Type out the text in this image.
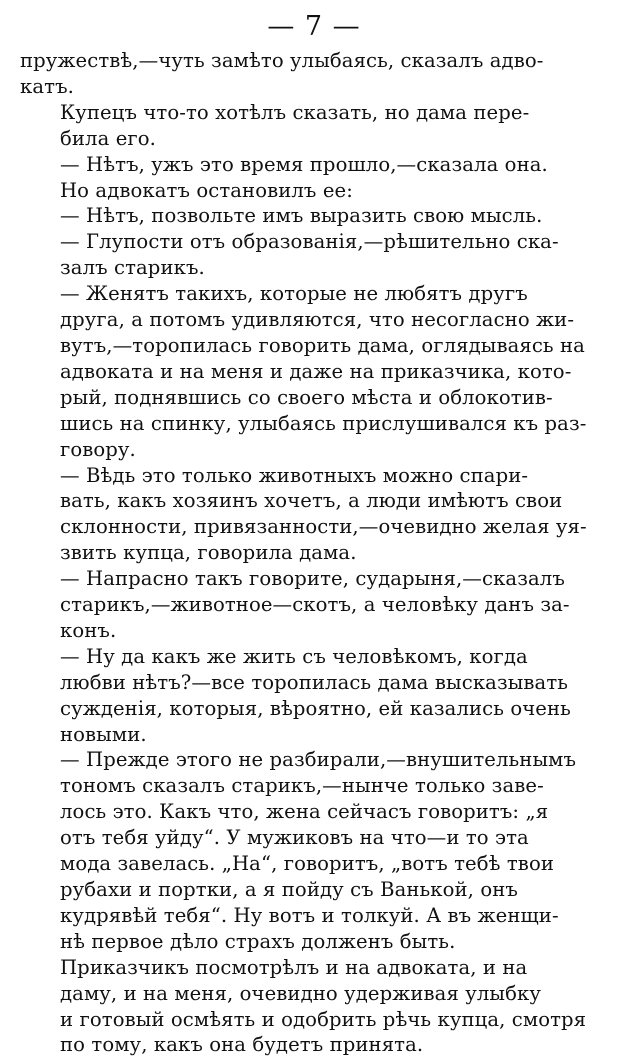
— 7 —

пружествѣ,—чуть замѣто улыбаясь, сказалъ адво-
катъ.

Купецъ что-то хотѣлъ сказать, но дама пере-
била его.

— Нѣтъ, ужъ это время прошло,—сказала она.
Но адвокатъ остановилъ ее:

— Нѣтъ, позвольте имъ выразить свою мысль.

— Глупости отъ образованія,—рѣшительно ска-
залъ старикъ.

— Женятъ такихъ, которые не любятъ другъ
друга, а потомъ удивляются, что несогласно жи-
вутъ,—торопилась говорить дама, оглядываясь на
адвоката и на меня и даже на приказчика, кото-
рый, поднявшись со своего мѣста и облокотив-
шись на спинку, улыбаясь прислушивался къ раз-
говору.

— Вѣдь это только животныхъ можно спари-
вать, какъ хозяинъ хочетъ, а люди имѣютъ свои
склонности, привязанности,—очевидно желая уя-
звить купца, говорила дама.

— Напрасно такъ говорите, сударыня,—сказалъ
старикъ,—животное—скотъ, а человѣку данъ за-
конъ.

— Ну да какъ же жить съ человѣкомъ, когда
любви нѣтъ?—все торопилась дама высказывать
сужденія, которыя, вѣроятно, ей казались очень
новыми.

— Прежде этого не разбирали,—внушительнымъ
тономъ сказалъ старикъ,—нынче только заве-
лось это. Какъ что, жена сейчасъ говоритъ: „я
отъ тебя уйду“. У мужиковъ на что—и то эта
мода завелась. „На“, говоритъ, „вотъ тебѣ твои
рубахи и портки, а я пойду съ Ванькой, онъ
кудрявѣй тебя“. Ну вотъ и толкуй. А въ женщи-
нѣ первое дѣло страхъ долженъ быть.

Приказчикъ посмотрѣлъ и на адвоката, и на
даму, и на меня, очевидно удерживая улыбку
и готовый осмѣять и одобрить рѣчь купца, смотря
по тому, какъ она будетъ принята.
